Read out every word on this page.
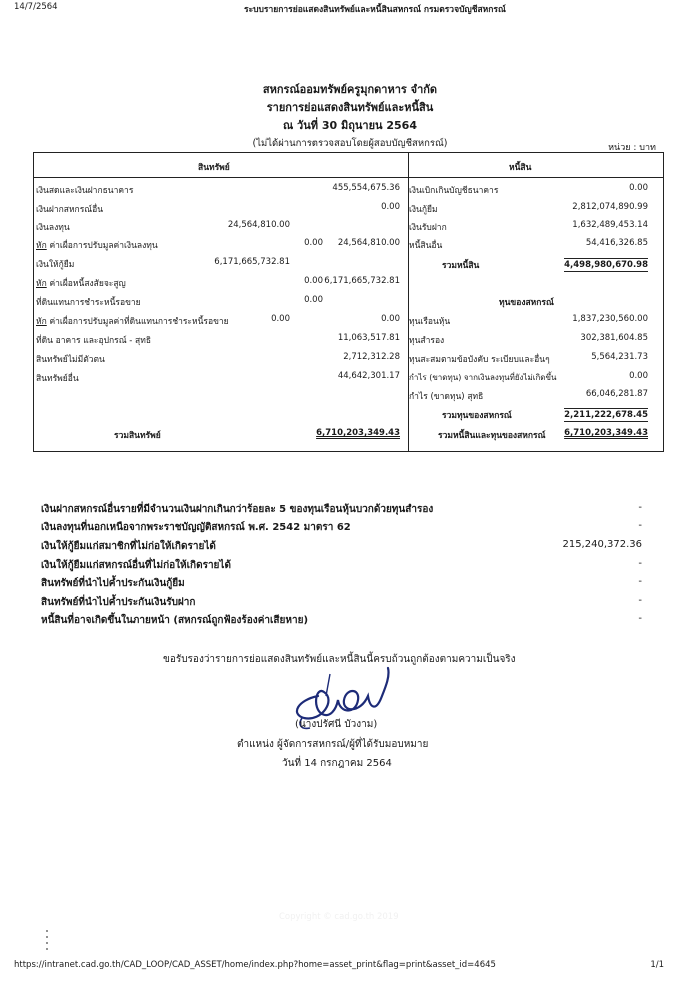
14/7/2564	ระบบรายการย่อแสดงสินทรัพย์และหนี้สินสหกรณ์ กรมตรวจบัญชีสหกรณ์
สหกรณ์ออมทรัพย์ครูมุกดาหาร จำกัด
รายการย่อแสดงสินทรัพย์และหนี้สิน
ณ วันที่ 30 มิถุนายน 2564
(ไม่ได้ผ่านการตรวจสอบโดยผู้สอบบัญชีสหกรณ์)	หน่วย : บาท
สินทรัพย์	หนี้สิน
เงินสดและเงินฝากธนาคาร	455,554,675.36
เงินฝากสหกรณ์อื่น	0.00
เงินลงทุน	24,564,810.00
หัก ค่าเผื่อการปรับมูลค่าเงินลงทุน	0.00 24,564,810.00
เงินให้กู้ยืม	6,171,665,732.81
หัก ค่าเผื่อหนี้สงสัยจะสูญ	0.00 6,171,665,732.81
ที่ดินแทนการชำระหนี้รอขาย	0.00
หัก ค่าเผื่อการปรับมูลค่าที่ดินแทนการชำระหนี้รอขาย	0.00	0.00
ที่ดิน อาคาร และอุปกรณ์ - สุทธิ	11,063,517.81
สินทรัพย์ไม่มีตัวตน	2,712,312.28
สินทรัพย์อื่น	44,642,301.17
รวมสินทรัพย์	6,710,203,349.43
เงินเบิกเกินบัญชีธนาคาร	0.00
เงินกู้ยืม	2,812,074,890.99
เงินรับฝาก	1,632,489,453.14
หนี้สินอื่น	54,416,326.85
รวมหนี้สิน	4,498,980,670.98
ทุนของสหกรณ์
ทุนเรือนหุ้น	1,837,230,560.00
ทุนสำรอง	302,381,604.85
ทุนสะสมตามข้อบังคับ ระเบียบและอื่นๆ	5,564,231.73
กำไร (ขาดทุน) จากเงินลงทุนที่ยังไม่เกิดขึ้น	0.00
กำไร (ขาดทุน) สุทธิ	66,046,281.87
รวมทุนของสหกรณ์	2,211,222,678.45
รวมหนี้สินและทุนของสหกรณ์ 6,710,203,349.43
เงินฝากสหกรณ์อื่นรายที่มีจำนวนเงินฝากเกินกว่าร้อยละ 5 ของทุนเรือนหุ้นบวกด้วยทุนสำรอง	-
เงินลงทุนที่นอกเหนือจากพระราชบัญญัติสหกรณ์ พ.ศ. 2542 มาตรา 62	-
เงินให้กู้ยืมแก่สมาชิกที่ไม่ก่อให้เกิดรายได้	215,240,372.36
เงินให้กู้ยืมแก่สหกรณ์อื่นที่ไม่ก่อให้เกิดรายได้	-
สินทรัพย์ที่นำไปค้ำประกันเงินกู้ยืม	-
สินทรัพย์ที่นำไปค้ำประกันเงินรับฝาก	-
หนี้สินที่อาจเกิดขึ้นในภายหน้า (สหกรณ์ถูกฟ้องร้องค่าเสียหาย)	-
ขอรับรองว่ารายการย่อแสดงสินทรัพย์และหนี้สินนี้ครบถ้วนถูกต้องตามความเป็นจริง
(นางปรัศนี บัวงาม)
ตำแหน่ง ผู้จัดการสหกรณ์/ผู้ที่ได้รับมอบหมาย
วันที่ 14 กรกฎาคม 2564
Copyright © cad.go.th 2019
https://intranet.cad.go.th/CAD_LOOP/CAD_ASSET/home/index.php?home=asset_print&flag=print&asset_id=4645	1/1
